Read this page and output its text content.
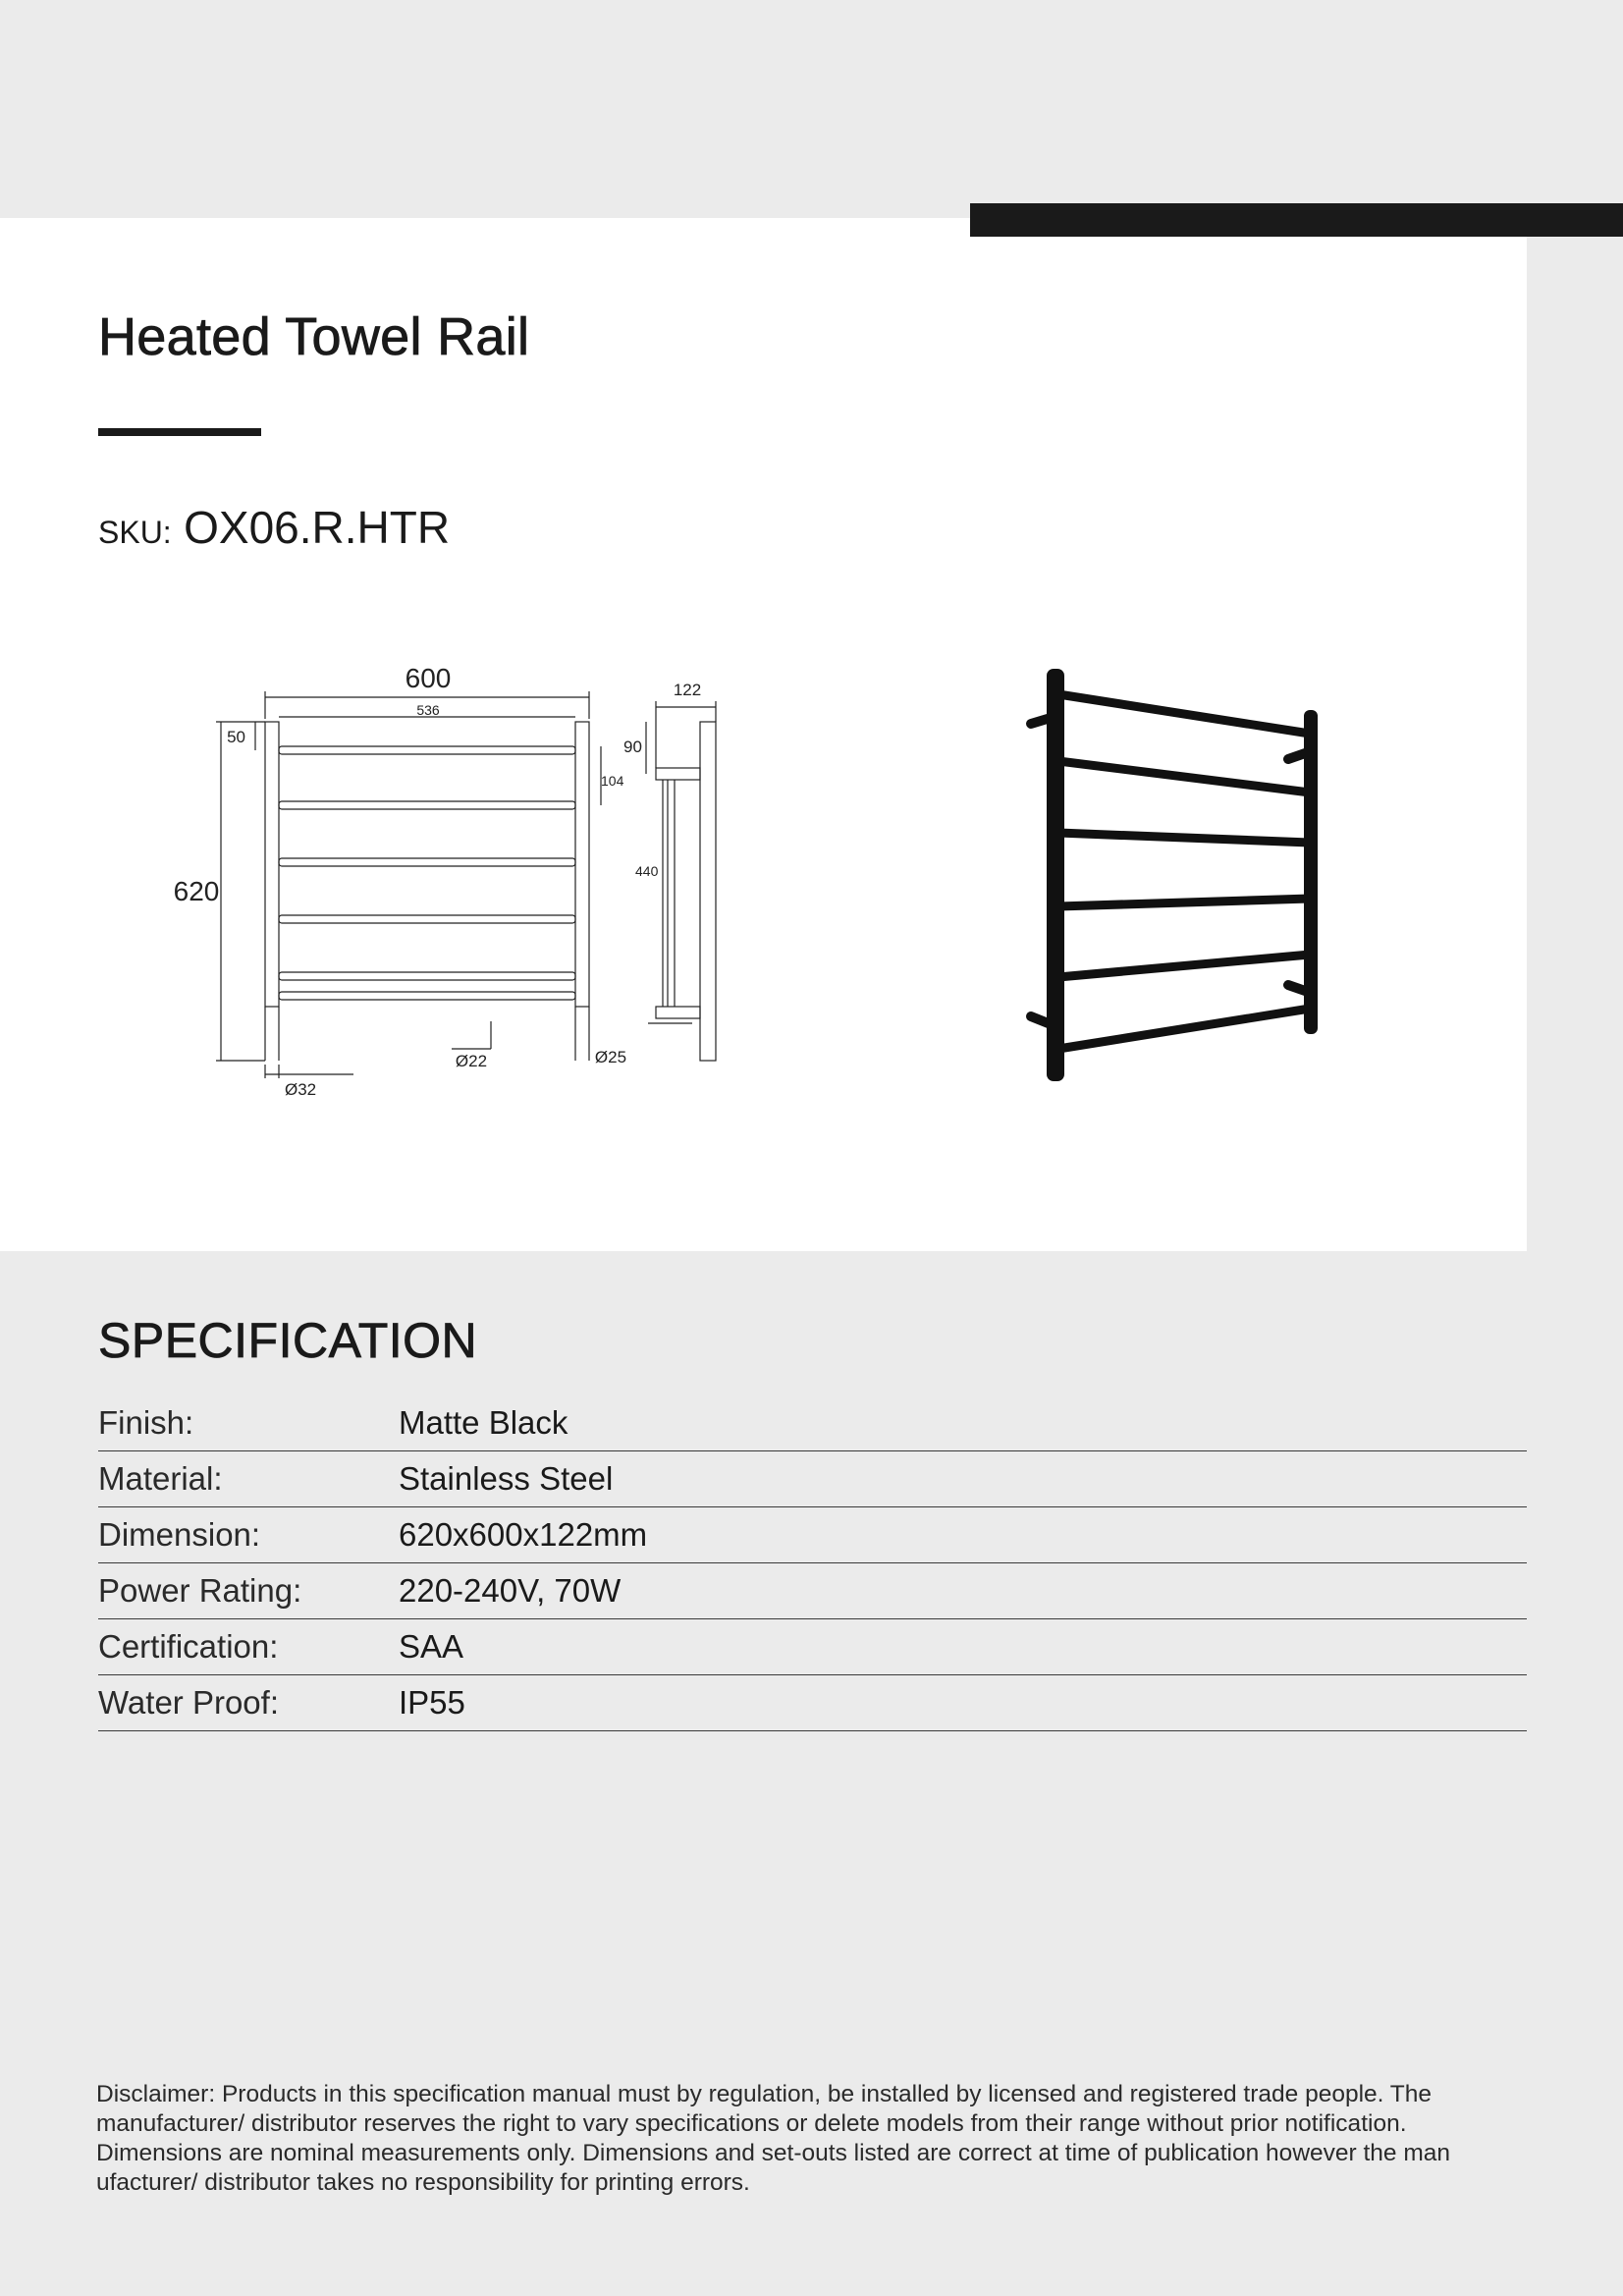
Heated Towel Rail
SKU: OX06.R.HTR
600
536
620
50
104
122
90
440
Ø22
Ø32
Ø25
SPECIFICATION
Finish:	Matte Black
Material:	Stainless Steel
Dimension:	620x600x122mm
Power Rating:	220-240V, 70W
Certification:	SAA
Water Proof:	IP55

Disclaimer: Products in this specification manual must by regulation, be installed by licensed and registered trade people. The
manufacturer/ distributor reserves the right to vary specifications or delete models from their range without prior notification.
Dimensions are nominal measurements only. Dimensions and set-outs listed are correct at time of publication however the man
ufacturer/ distributor takes no responsibility for printing errors.
